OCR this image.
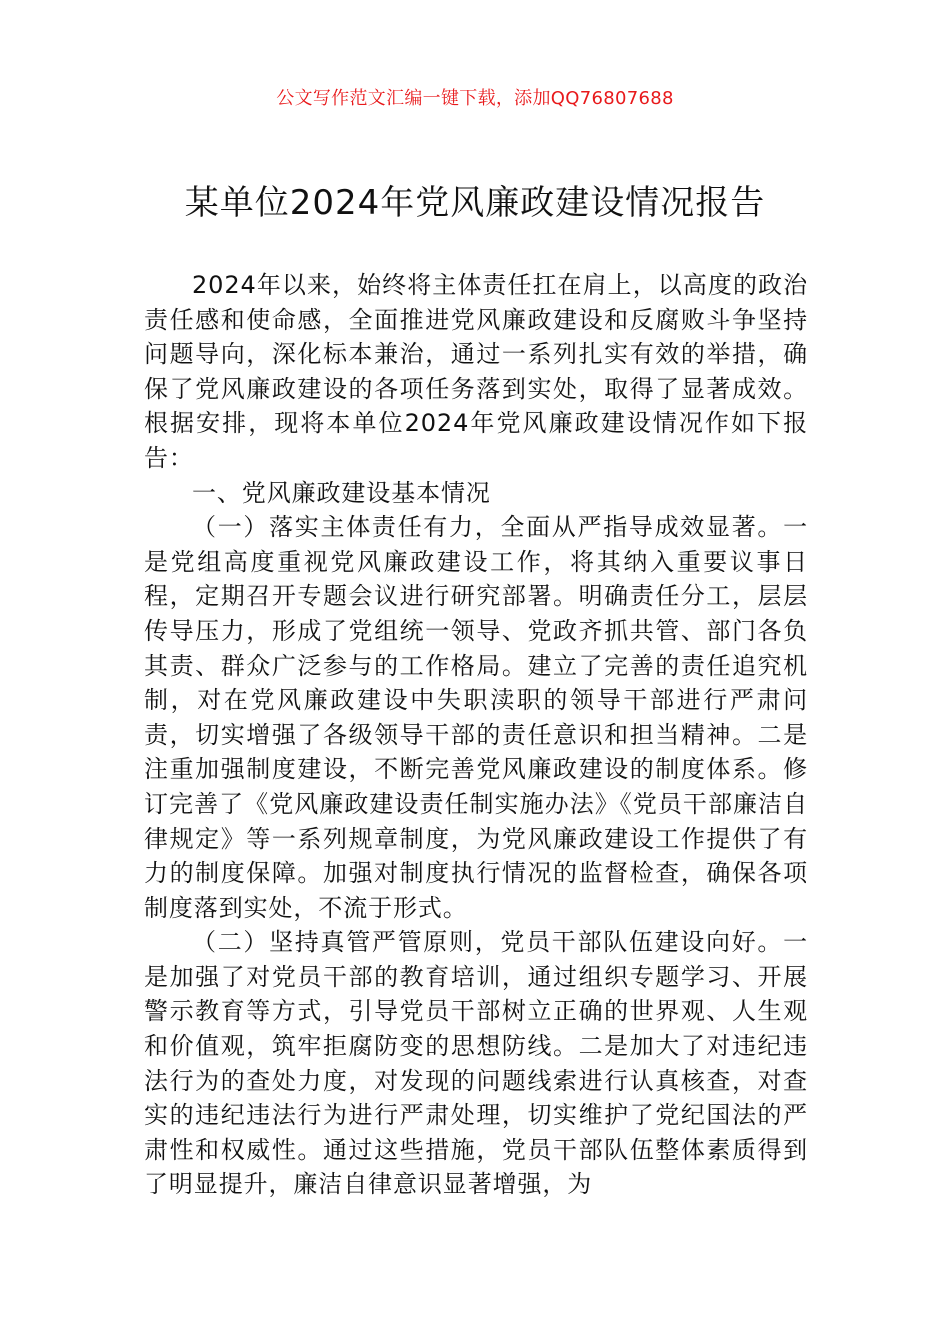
公文写作范文汇编一键下载，添加QQ76807688
某单位2024年党风廉政建设情况报告

2024年以来，始终将主体责任扛在肩上，以高度的政治责任感和使命感，全面推进党风廉政建设和反腐败斗争坚持问题导向，深化标本兼治，通过一系列扎实有效的举措，确保了党风廉政建设的各项任务落到实处，取得了显著成效。根据安排，现将本单位2024年党风廉政建设情况作如下报告：

一、党风廉政建设基本情况

（一）落实主体责任有力，全面从严指导成效显著。一是党组高度重视党风廉政建设工作，将其纳入重要议事日程，定期召开专题会议进行研究部署。明确责任分工，层层传导压力，形成了党组统一领导、党政齐抓共管、部门各负其责、群众广泛参与的工作格局。建立了完善的责任追究机制，对在党风廉政建设中失职渎职的领导干部进行严肃问责，切实增强了各级领导干部的责任意识和担当精神。二是注重加强制度建设，不断完善党风廉政建设的制度体系。修订完善了《党风廉政建设责任制实施办法》《党员干部廉洁自律规定》等一系列规章制度，为党风廉政建设工作提供了有力的制度保障。加强对制度执行情况的监督检查，确保各项制度落到实处，不流于形式。

（二）坚持真管严管原则，党员干部队伍建设向好。一是加强了对党员干部的教育培训，通过组织专题学习、开展警示教育等方式，引导党员干部树立正确的世界观、人生观和价值观，筑牢拒腐防变的思想防线。二是加大了对违纪违法行为的查处力度，对发现的问题线索进行认真核查，对查实的违纪违法行为进行严肃处理，切实维护了党纪国法的严肃性和权威性。通过这些措施，党员干部队伍整体素质得到了明显提升，廉洁自律意识显著增强，为
